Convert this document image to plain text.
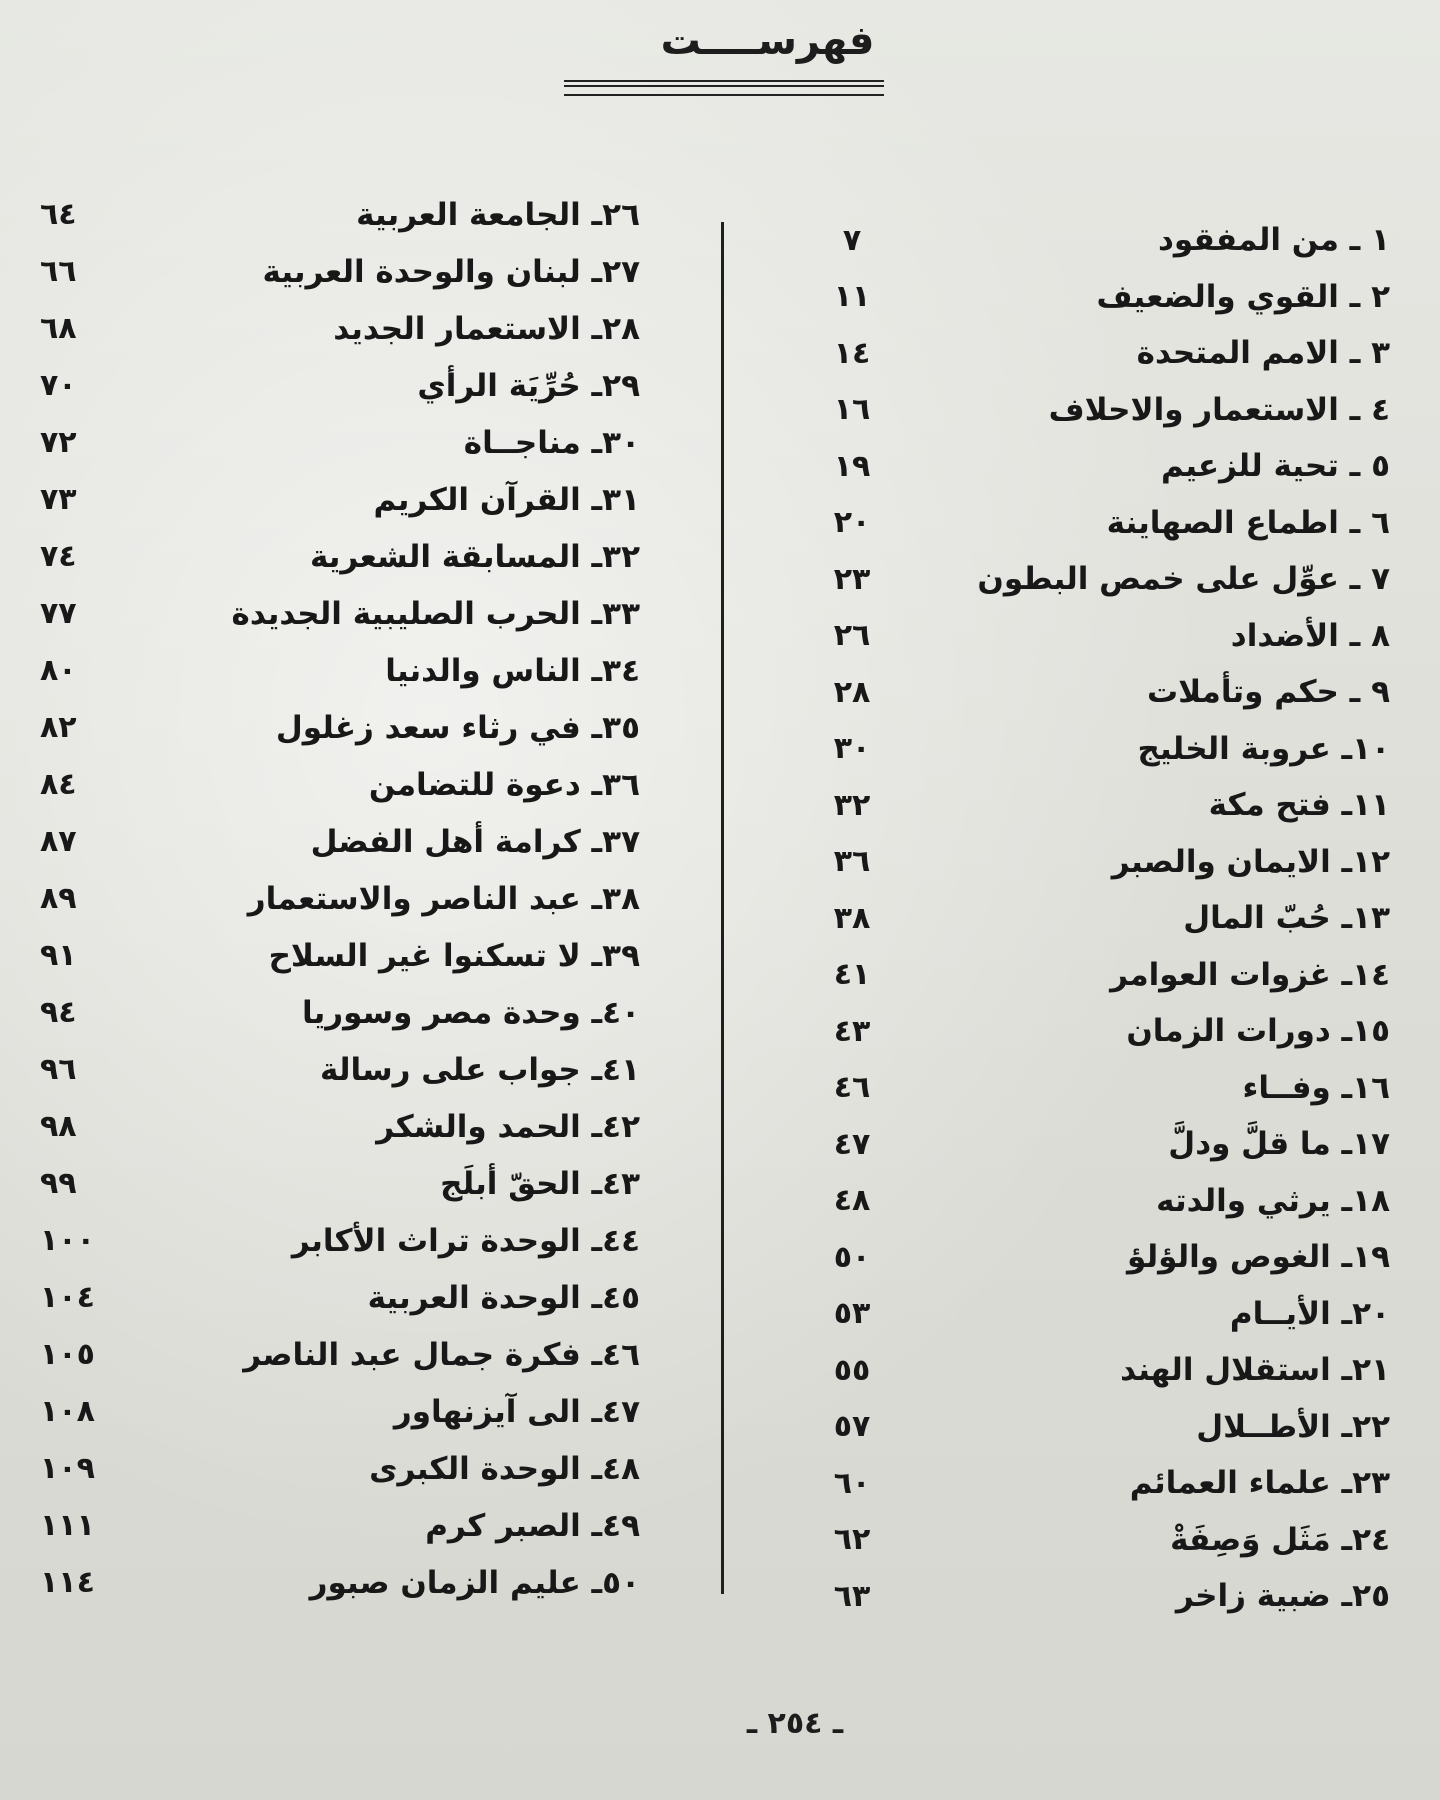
فهرســــت
٧	١ ـ من المفقود
١١	٢ ـ القوي والضعيف
١٤	٣ ـ الامم المتحدة
١٦	٤ ـ الاستعمار والاحلاف
١٩	٥ ـ تحية للزعيم
٢٠	٦ ـ اطماع الصهاينة
٢٣	٧ ـ عوِّل على خمص البطون
٢٦	٨ ـ الأضداد
٢٨	٩ ـ حكم وتأملات
٣٠	١٠ـ عروبة الخليج
٣٢	١١ـ فتح مكة
٣٦	١٢ـ الايمان والصبر
٣٨	١٣ـ حُبّ المال
٤١	١٤ـ غزوات العوامر
٤٣	١٥ـ دورات الزمان
٤٦	١٦ـ وفــاء
٤٧	١٧ـ ما قلَّ ودلَّ
٤٨	١٨ـ يرثي والدته
٥٠	١٩ـ الغوص والؤلؤ
٥٣	٢٠ـ الأيــام
٥٥	٢١ـ استقلال الهند
٥٧	٢٢ـ الأطــلال
٦٠	٢٣ـ علماء العمائم
٦٢	٢٤ـ مَثَل وَصِفَةْ
٦٣	٢٥ـ ضبية زاخر
٦٤	٢٦ـ الجامعة العربية
٦٦	٢٧ـ لبنان والوحدة العربية
٦٨	٢٨ـ الاستعمار الجديد
٧٠	٢٩ـ حُرِّيَة الرأي
٧٢	٣٠ـ مناجــاة
٧٣	٣١ـ القرآن الكريم
٧٤	٣٢ـ المسابقة الشعرية
٧٧	٣٣ـ الحرب الصليبية الجديدة
٨٠	٣٤ـ الناس والدنيا
٨٢	٣٥ـ في رثاء سعد زغلول
٨٤	٣٦ـ دعوة للتضامن
٨٧	٣٧ـ كرامة أهل الفضل
٨٩	٣٨ـ عبد الناصر والاستعمار
٩١	٣٩ـ لا تسكنوا غير السلاح
٩٤	٤٠ـ وحدة مصر وسوريا
٩٦	٤١ـ جواب على رسالة
٩٨	٤٢ـ الحمد والشكر
٩٩	٤٣ـ الحقّ أبلَج
١٠٠	٤٤ـ الوحدة تراث الأكابر
١٠٤	٤٥ـ الوحدة العربية
١٠٥	٤٦ـ فكرة جمال عبد الناصر
١٠٨	٤٧ـ الى آيزنهاور
١٠٩	٤٨ـ الوحدة الكبرى
١١١	٤٩ـ الصبر كرم
١١٤	٥٠ـ عليم الزمان صبور
ـ ٢٥٤ ـ
